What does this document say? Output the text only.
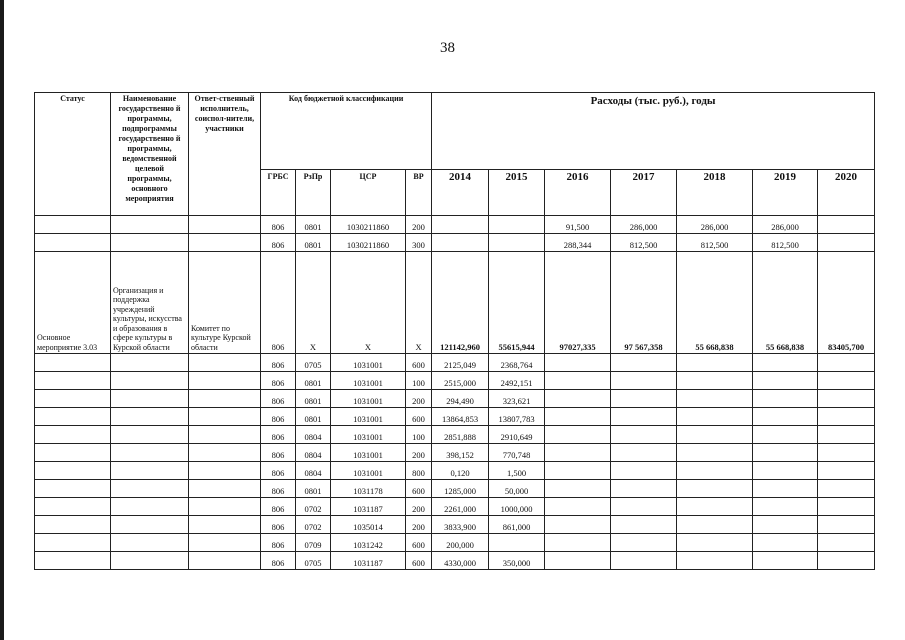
38
Статус	Наименование государственно й программы, подпрограммы государственно й программы, ведомственной целевой программы, основного мероприятия	Ответ-ственный исполнитель, соиспол-нители, участники	Код бюджетной классификации				Расходы (тыс. руб.), годы						
			ГРБС	РзПр	ЦСР	ВР	2014	2015	2016	2017	2018	2019	2020
			806	0801	1030211860	200			91,500	286,000	286,000	286,000	
			806	0801	1030211860	300			288,344	812,500	812,500	812,500	
Основное мероприятие 3.03	Организация и поддержка учреждений культуры, искусства и образования в сфере культуры в Курской области	Комитет по культуре Курской области	806	X	X	X	121142,960	55615,944	97027,335	97 567,358	55 668,838	55 668,838	83405,700
			806	0705	1031001	600	2125,049	2368,764					
			806	0801	1031001	100	2515,000	2492,151					
			806	0801	1031001	200	294,490	323,621					
			806	0801	1031001	600	13864,853	13807,783					
			806	0804	1031001	100	2851,888	2910,649					
			806	0804	1031001	200	398,152	770,748					
			806	0804	1031001	800	0,120	1,500					
			806	0801	1031178	600	1285,000	50,000					
			806	0702	1031187	200	2261,000	1000,000					
			806	0702	1035014	200	3833,900	861,000					
			806	0709	1031242	600	200,000						
			806	0705	1031187	600	4330,000	350,000					
